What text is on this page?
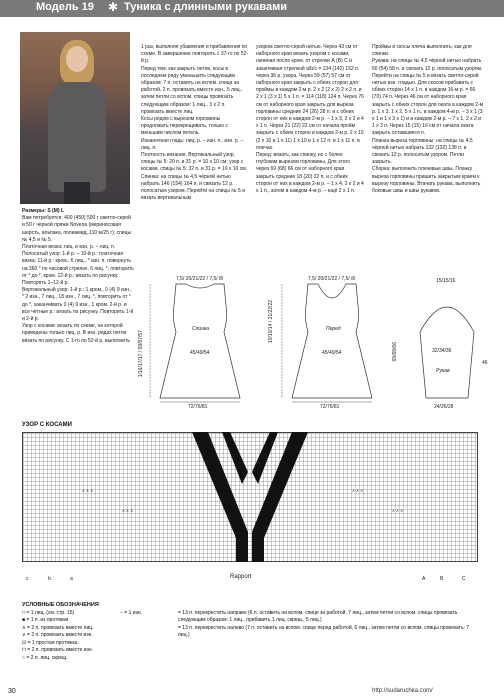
Модель 19 ✱ Туника с длинными рукавами

Размеры: S (M) L

Вам потребуется: 400 (450) 500 г светло-серой и 50 г чёрной пряжи Novena (мериносовая шерсть, альпака, полиамид, 110 м/25 г); спицы № 4,5 и № 5.

Платочная вязка: лиц. и изн. р. – лиц. п.

Полосатый узор: 1-й р. – 10-й р.: платочная вязка; 11-й р.: кром., 6 лиц., * изн. п. повернуть на 360 ° по часовой стрелке, 6 лиц. *, повторить от * до *, кром. 12-й р.: вязать по рисунку. Повторять 1–12-й р.

Вертикальный узор: 1-й р.: 1 кром., 0 (4) 9 изн., * 2 изн., 7 лиц., 18 изн., 7 лиц. *, повторить от * до *, заканчивать 0 (4) 9 изн., 1 кром. 2-й р. и все чётные р.: вязать по рисунку. Повторить 1-й и 2-й р.

Узор с косами: вязать по схеме, на которой приведены только лиц. р. В изн. рядах петли вязать по рисунку. С 1-го по 52-й р. выполнить

1 раз, выполняя убавления и прибавления по схеме. В завершение повторять с 37-го по 52-й р.

Перед тем, как закрыть петли, косы в последнем ряду уменьшить следующим образом: 7 п. оставить на вспом. спице за работой, 2 п. провязать вместе изн., 5 лиц., затем петли со вспом. спицы провязать следующим образом: 1 лиц., 3 х 2 п. провязать вместе лиц.

Косы рядом с вырезом горловины продолжать перекрещивать, только с меньшим числом петель.

Изнаночная гладь: лиц. р. – изн. п., изн. р. – лиц. п.

Плотность вязания. Вертикальный узор, спицы № 5: 20 п. и 31 р. = 10 х 10 см; узор с косами, спицы № 5: 32 п. и 31 р. = 10 х 10 см.

Спинка: на спицы № 4,5 чёрной нитью набрать 146 (154) 164 п. и связать 12 р. полосатым узором. Перейти на спицы № 5 и вязать вертикальным

узором светло-серой нитью. Через 43 см от наборного края вязать узором с косами, начиная после кром. от стрелки А (В) С и заканчивая стрелкой a/b/c = 134 (142) 152 п. через 36 р. узора. Через 59 (57) 57 см от наборного края закрыть с обеих сторон для проймы в каждом 2-м р. 2 х 2 (2 х 2) 2 х 2 п. и 2 х 1 (3 х 1) 5 х 1 п. = 114 (118) 124 п. Через 76 см от наборного края закрыть для выреза горловины средние 24 (26) 28 п. и с обеих сторон от них в каждом 2-м р. – 1 х 3, 2 х 2 и 4 х 1 п. Через 21 (22) 22 см от начала пройм закрыть с обеих сторон в каждом 2-м р. 2 х 10 (2 х 10 и 1 х 11) 1 х 10 и 1 х 12 п. и 1 х 11 п. в плечах.

Перед: вязать, как спинку, но с более глубоким вырезом горловины. Для этого через 69 (68) 66 см от наборного края закрыть средние 18 (20) 22 п. и с обеих сторон от них в каждом 2-м р. – 1 х 4, 2 х 2 и 4 х 1 п., затем в каждом 4-м р. – ещё 2 х 1 п.

Проймы и скосы плеча выполнить, как для спинки.

Рукава: на спицы № 4,5 чёрной нитью набрать 50 (54) 58 п. и связать 12 р. полосатым узором. Перейти на спицы № 5 и вязать светло-серой нитью изн. гладью. Для скосов прибавить с обеих сторон 14 х 1 п. в каждом 16-м р. = 66 (70) 74 п. Через 46 см от наборного края закрыть с обеих сторон для окатa в каждом 2-м р. 1 х 3, 1 х 2, 5 х 1 п., в каждом 4-м р. – 3 х 1 (3 х 1 и 1 х 3 х 1) и в каждом 2-м р. – 7 х 1, 2 х 2 и 1 х 3 п. Через 15 (15) 16 см от начала оката закрыть оставшиеся п.

Планка выреза горловины: на спицы № 4,5 чёрной нитью набрать 132 (132) 138 п. и связать 12 р. полосатым узором. Петли закрыть.

Сборка: выполнить плечевые швы. Планку выреза горловины пришить закрытым краем к вырезу горловины. Втачать рукава, выполнить боковые швы и швы рукавов.

7,5/ 20/21/22 / 7,5/ 8/
Спинка
45/49/54
72/76/81
1/16/17/17 / 59/57/57
7,5/ 20/21/22 / 7,5/ 8/
Перед
45/49/54
72/76/81
10/10/14 / 21/22/22
69/68/66
15/15/16
32/34/36
Рукав
24/26/28
46
УЗОР С КОСАМИ
∧ ∧ ∧
∧ ∧ ∧
∧ ∧ ∧
∧ ∧ ∧
c	b	a	A	B	C
Rapport
УСЛОВНЫЕ ОБОЗНАЧЕНИЯ
□ = 1 лиц. (см. стр. 15)
■ = 1 п. из протяжки
∧ = 2 п. провязать вместе лиц.
∨ = 2 п. провязать вместе изн.
⊡ = 1 простая протяжка
⊓ = 2 п. провязать вместе изн.
○ = 2 п. лиц. скрещ.
− = 1 изн.	= 13 п. перекрестить направо (6 п. оставить на вспом. спице за работой, 7 лиц., затем петли со вспом. спицы провязать следующим образом: 1 лиц., прибавить 1 лиц. скрещ., 5 лиц.)
= 13 п. перекрестить налево (7 п. оставить на вспом. спице перед работой, 6 лиц., затем петли со вспом. спицы провязать: 7 лиц.)
30	http://sudaruchka.com/
